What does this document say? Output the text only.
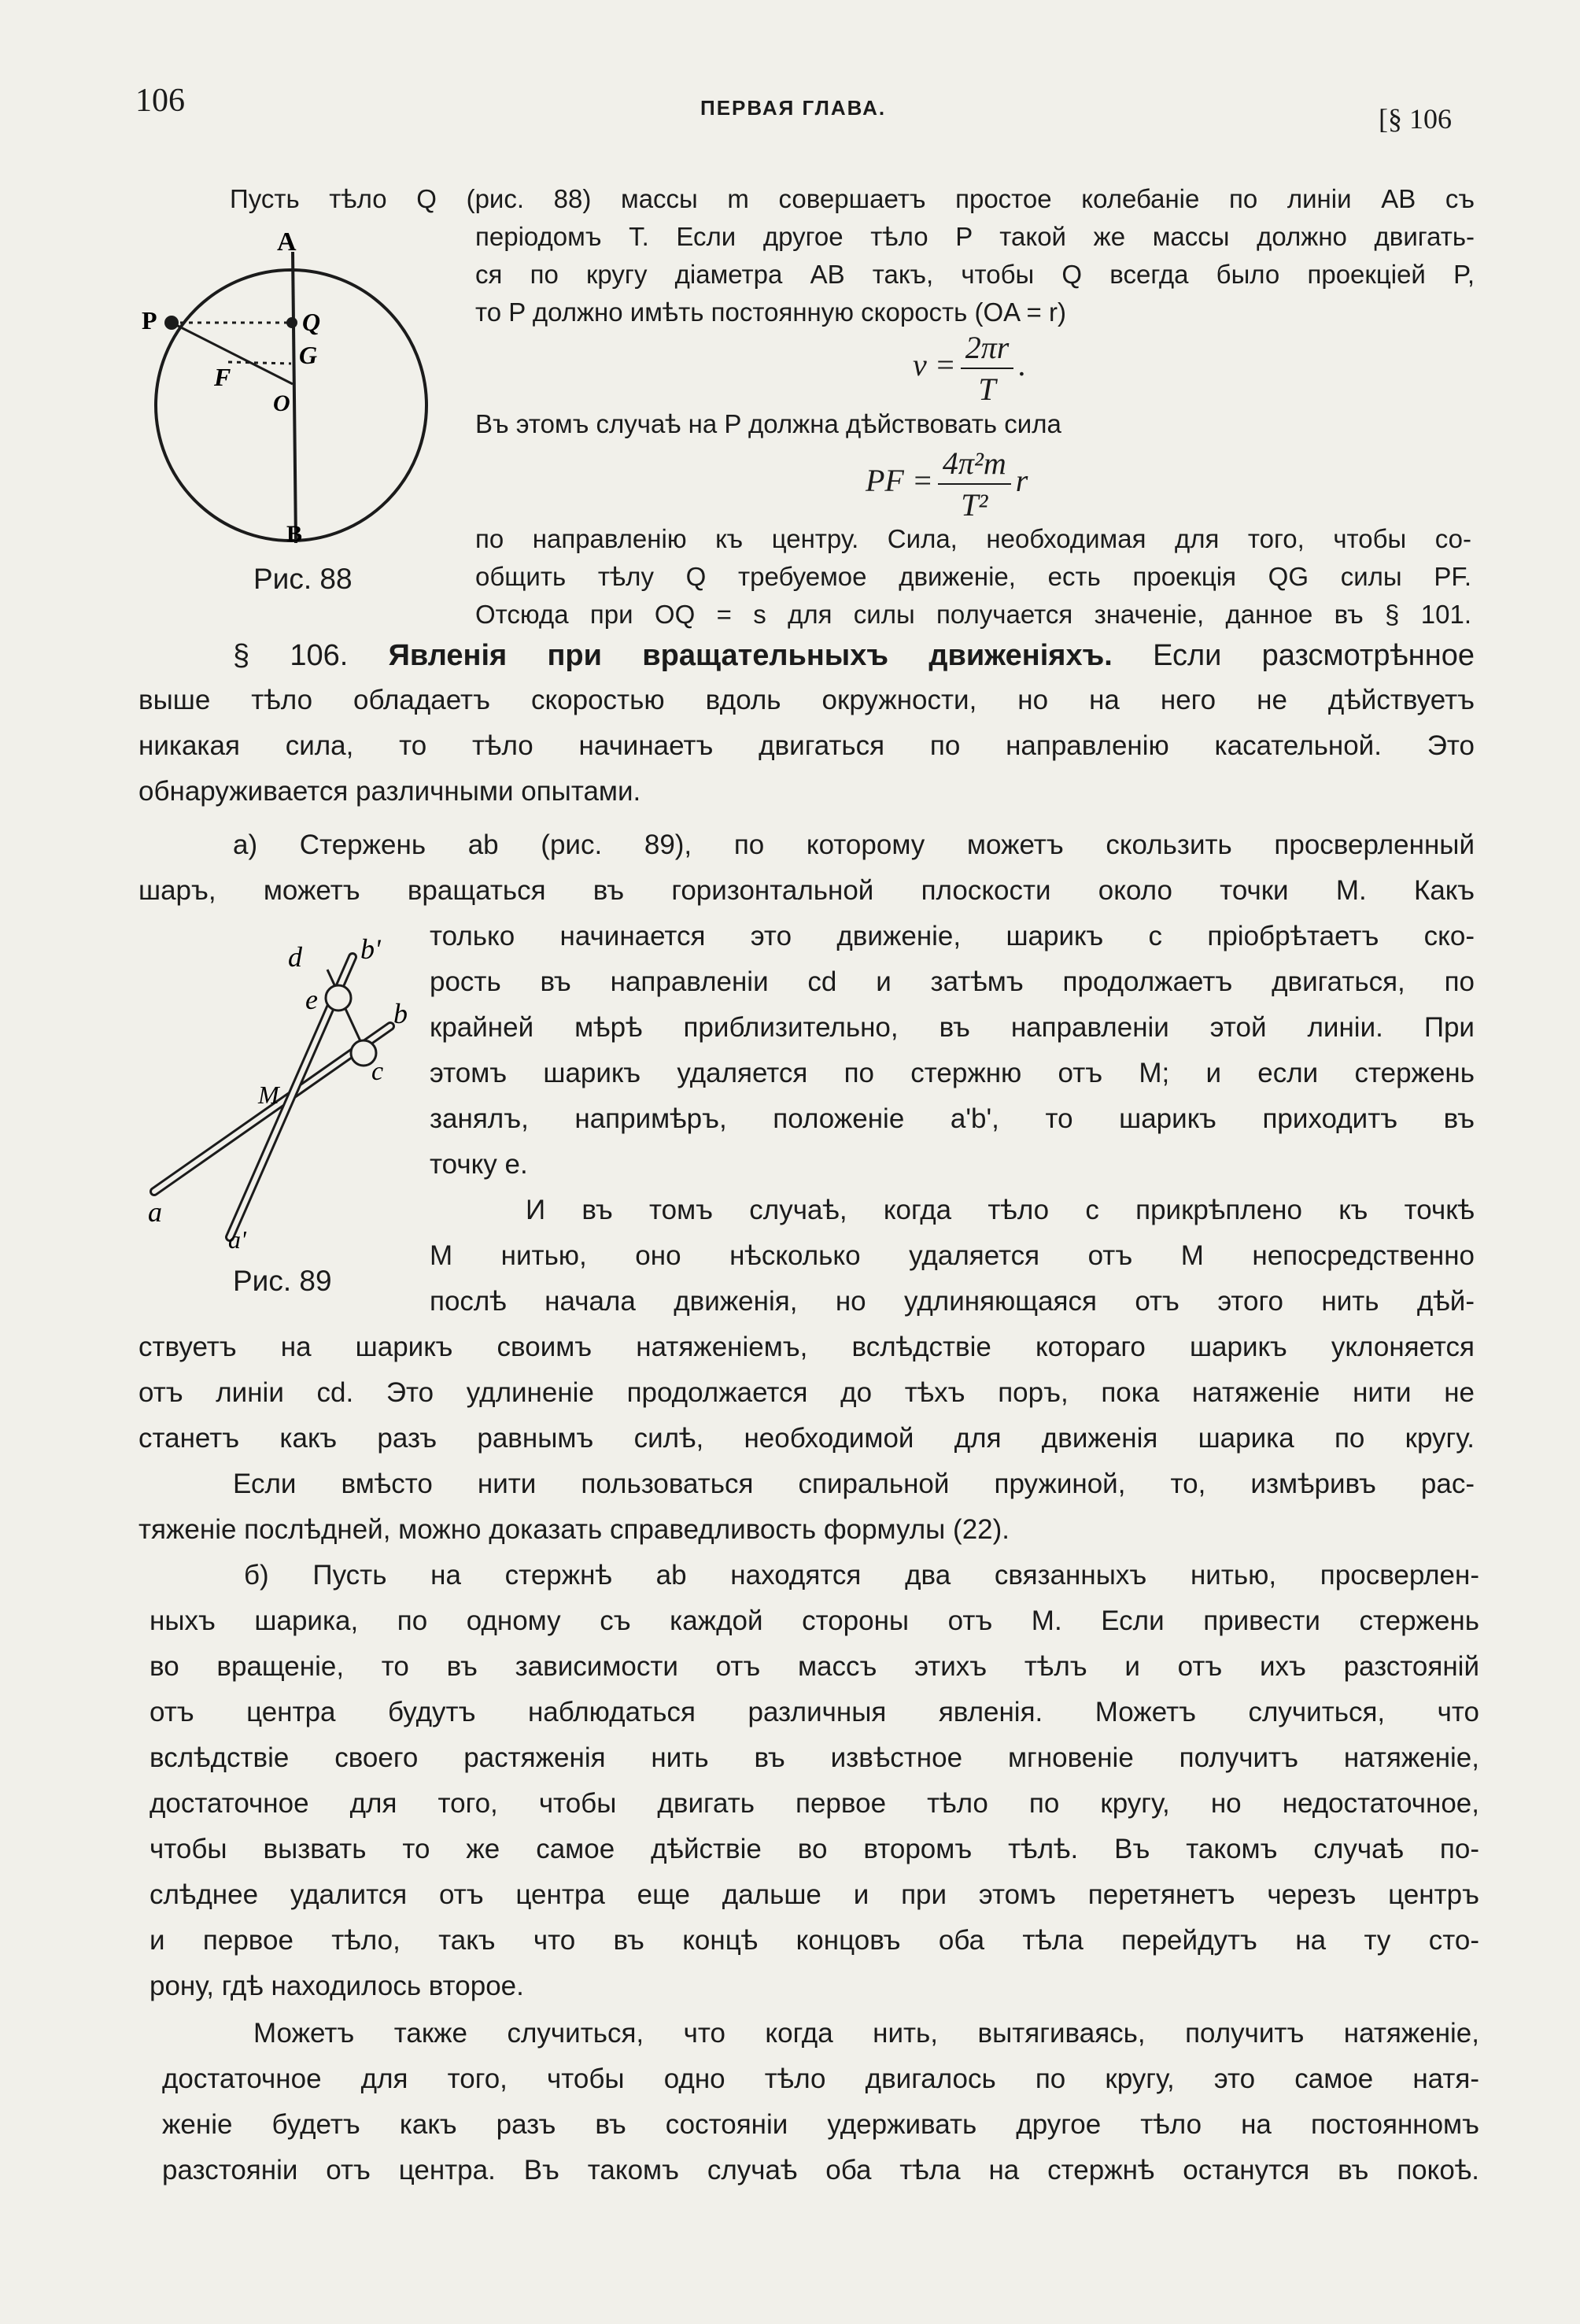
106	ПЕРВАЯ ГЛАВА.	[§ 106
A
P	Q
G
F
O
B
Рис. 88
d b'
e	b
c
M
a
a'
Рис. 89
$v = \frac{2\pi r}{T}$ .
PF = $\frac{\text{4π²m}}{\text{T²}}$ r
Пусть тѣло Q (рис. 88) массы m совершаетъ простое колебаніе по линіи AB съ
періодомъ T. Если другое тѣло P такой же массы должно двигать-
ся по кругу діаметра AB такъ, чтобы Q всегда было проекціей P,
то P должно имѣть постоянную скорость (OA = r)
Въ этомъ случаѣ на P должна дѣйствовать сила
по направленію къ центру. Сила, необходимая для того, чтобы со-
общить тѣлу Q требуемое движеніе, есть проекція QG силы PF.
Отсюда при OQ = s для силы получается значеніе, данное въ § 101.
§ 106. Явленія при вращательныхъ движеніяхъ. Если разсмотрѣнное
выше тѣло обладаетъ скоростью вдоль окружности, но на него не дѣйствуетъ
никакая сила, то тѣло начинаетъ двигаться по направленію касательной. Это
обнаруживается различными опытами.
а) Стержень ab (рис. 89), по которому можетъ скользить просверленный
шаръ, можетъ вращаться въ горизонтальной плоскости около точки M. Какъ
только начинается это движеніе, шарикъ c пріобрѣтаетъ ско-
рость въ направленіи cd и затѣмъ продолжаетъ двигаться, по
крайней мѣрѣ приблизительно, въ направленіи этой линіи. При
этомъ шарикъ удаляется по стержню отъ M; и если стержень
занялъ, напримѣръ, положеніе a'b', то шарикъ приходитъ въ
точку e.
И въ томъ случаѣ, когда тѣло c прикрѣплено къ точкѣ
M нитью, оно нѣсколько удаляется отъ M непосредственно
послѣ начала движенія, но удлиняющаяся отъ этого нить дѣй-
ствуетъ на шарикъ своимъ натяженіемъ, вслѣдствіе котораго шарикъ уклоняется
отъ линіи cd. Это удлиненіе продолжается до тѣхъ поръ, пока натяженіе нити не
станетъ какъ разъ равнымъ силѣ, необходимой для движенія шарика по кругу.
Если вмѣсто нити пользоваться спиральной пружиной, то, измѣривъ рас-
тяженіе послѣдней, можно доказать справедливость формулы (22).
б) Пусть на стержнѣ ab находятся два связанныхъ нитью, просверлен-
ныхъ шарика, по одному съ каждой стороны отъ M. Если привести стержень
во вращеніе, то въ зависимости отъ массъ этихъ тѣлъ и отъ ихъ разстояній
отъ центра будутъ наблюдаться различныя явленія. Можетъ случиться, что
вслѣдствіе своего растяженія нить въ извѣстное мгновеніе получитъ натяженіе,
достаточное для того, чтобы двигать первое тѣло по кругу, но недостаточное,
чтобы вызвать то же самое дѣйствіе во второмъ тѣлѣ. Въ такомъ случаѣ по-
слѣднее удалится отъ центра еще дальше и при этомъ перетянетъ черезъ центръ
и первое тѣло, такъ что въ концѣ концовъ оба тѣла перейдутъ на ту сто-
рону, гдѣ находилось второе.
Можетъ также случиться, что когда нить, вытягиваясь, получитъ натяженіе,
достаточное для того, чтобы одно тѣло двигалось по кругу, это самое натя-
женіе будетъ какъ разъ въ состояніи удерживать другое тѣло на постоянномъ
разстояніи отъ центра. Въ такомъ случаѣ оба тѣла на стержнѣ останутся въ покоѣ.
